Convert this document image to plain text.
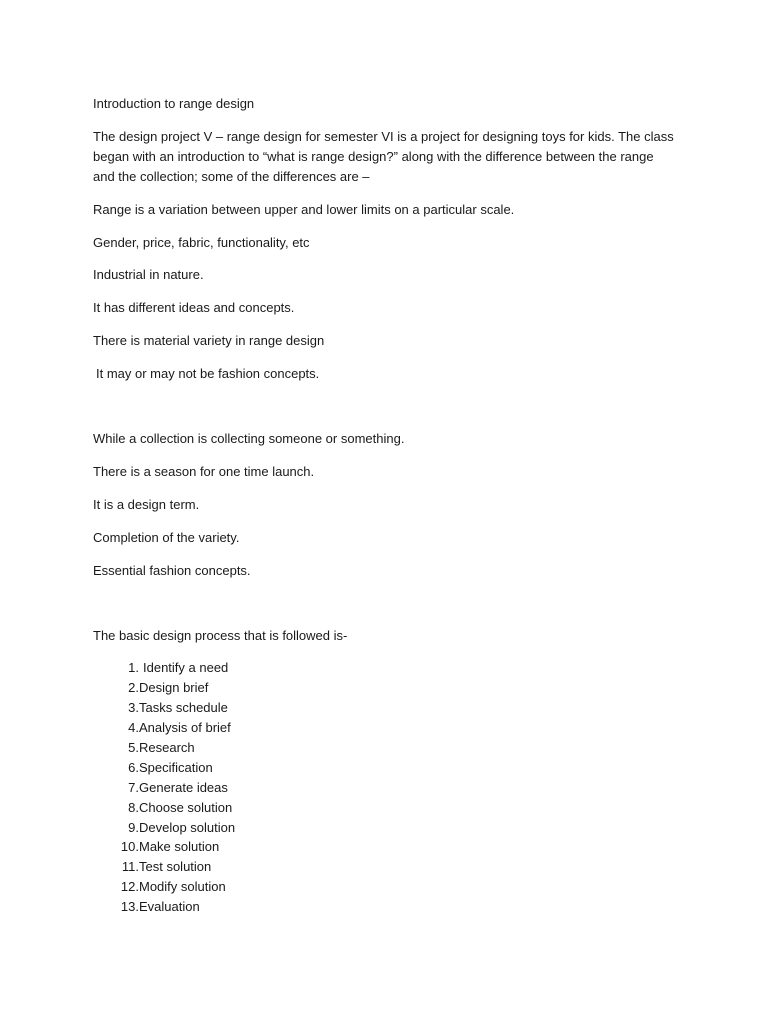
Introduction to range design
The design project V – range design for semester VI is a project for designing toys for kids. The class
began with an introduction to “what is range design?” along with the difference between the range
and the collection; some of the differences are –
Range is a variation between upper and lower limits on a particular scale.
Gender, price, fabric, functionality, etc
Industrial in nature.
It has different ideas and concepts.
There is material variety in range design
It may or may not be fashion concepts.
While a collection is collecting someone or something.
There is a season for one time launch.
It is a design term.
Completion of the variety.
Essential fashion concepts.
The basic design process that is followed is-
1. Identify a need
2. Design brief
3. Tasks schedule
4. Analysis of brief
5. Research
6. Specification
7. Generate ideas
8. Choose solution
9. Develop solution
10. Make solution
11. Test solution
12. Modify solution
13. Evaluation
